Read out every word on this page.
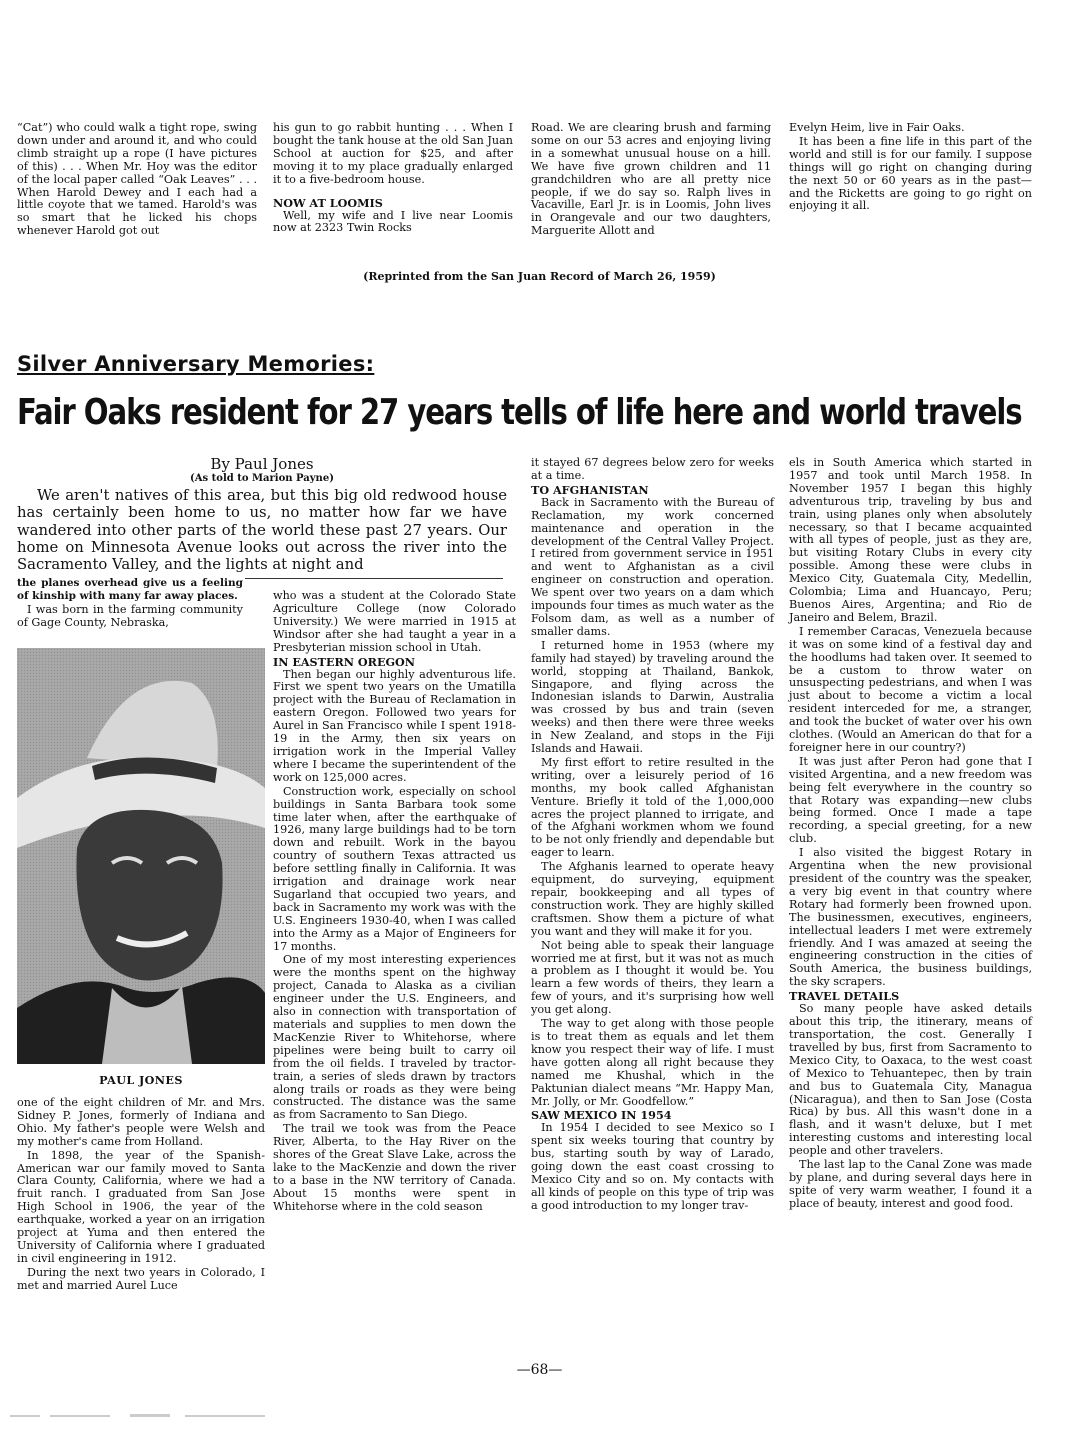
“Cat”) who could walk a tight rope, swing down under and around it, and who could climb straight up a rope (I have pictures of this) . . . When Mr. Hoy was the editor of the local paper called “Oak Leaves” . . . When Harold Dewey and I each had a little coyote that we tamed. Harold's was so smart that he licked his chops whenever Harold got out

his gun to go rabbit hunting . . . When I bought the tank house at the old San Juan School at auction for $25, and after moving it to my place gradually enlarged it to a five-bedroom house.

NOW AT LOOMIS

Well, my wife and I live near Loomis now at 2323 Twin Rocks

Road. We are clearing brush and farming some on our 53 acres and enjoying living in a somewhat unusual house on a hill. We have five grown children and 11 grandchildren who are all pretty nice people, if we do say so. Ralph lives in Vacaville, Earl Jr. is in Loomis, John lives in Orangevale and our two daughters, Marguerite Allott and

Evelyn Heim, live in Fair Oaks.

It has been a fine life in this part of the world and still is for our family. I suppose things will go right on changing during the next 50 or 60 years as in the past—and the Ricketts are going to go right on enjoying it all.

(Reprinted from the San Juan Record of March 26, 1959)
Silver Anniversary Memories:
Fair Oaks resident for 27 years tells of life here and world travels
By Paul Jones
(As told to Marion Payne)

We aren't natives of this area, but this big old redwood house has certainly been home to us, no matter how far we have wandered into other parts of the world these past 27 years. Our home on Minnesota Avenue looks out across the river into the Sacramento Valley, and the lights at night and

the planes overhead give us a feeling of kinship with many far away places.

I was born in the farming community of Gage County, Nebraska,

PAUL JONES

one of the eight children of Mr. and Mrs. Sidney P. Jones, formerly of Indiana and Ohio. My father's people were Welsh and my mother's came from Holland.

In 1898, the year of the Spanish-American war our family moved to Santa Clara County, California, where we had a fruit ranch. I graduated from San Jose High School in 1906, the year of the earthquake, worked a year on an irrigation project at Yuma and then entered the University of California where I graduated in civil engineering in 1912.

During the next two years in Colorado, I met and married Aurel Luce

who was a student at the Colorado State Agriculture College (now Colorado University.) We were married in 1915 at Windsor after she had taught a year in a Presbyterian mission school in Utah.

IN EASTERN OREGON

Then began our highly adventurous life. First we spent two years on the Umatilla project with the Bureau of Reclamation in eastern Oregon. Followed two years for Aurel in San Francisco while I spent 1918-19 in the Army, then six years on irrigation work in the Imperial Valley where I became the superintendent of the work on 125,000 acres.

Construction work, especially on school buildings in Santa Barbara took some time later when, after the earthquake of 1926, many large buildings had to be torn down and rebuilt. Work in the bayou country of southern Texas attracted us before settling finally in California. It was irrigation and drainage work near Sugarland that occupied two years, and back in Sacramento my work was with the U.S. Engineers 1930-40, when I was called into the Army as a Major of Engineers for 17 months.

One of my most interesting experiences were the months spent on the highway project, Canada to Alaska as a civilian engineer under the U.S. Engineers, and also in connection with transportation of materials and supplies to men down the MacKenzie River to Whitehorse, where pipelines were being built to carry oil from the oil fields. I traveled by tractor-train, a series of sleds drawn by tractors along trails or roads as they were being constructed. The distance was the same as from Sacramento to San Diego.

The trail we took was from the Peace River, Alberta, to the Hay River on the shores of the Great Slave Lake, across the lake to the MacKenzie and down the river to a base in the NW territory of Canada. About 15 months were spent in Whitehorse where in the cold season

it stayed 67 degrees below zero for weeks at a time.

TO AFGHANISTAN

Back in Sacramento with the Bureau of Reclamation, my work concerned maintenance and operation in the development of the Central Valley Project. I retired from government service in 1951 and went to Afghanistan as a civil engineer on construction and operation. We spent over two years on a dam which impounds four times as much water as the Folsom dam, as well as a number of smaller dams.

I returned home in 1953 (where my family had stayed) by traveling around the world, stopping at Thailand, Bankok, Singapore, and flying across the Indonesian islands to Darwin, Australia was crossed by bus and train (seven weeks) and then there were three weeks in New Zealand, and stops in the Fiji Islands and Hawaii.

My first effort to retire resulted in the writing, over a leisurely period of 16 months, my book called Afghanistan Venture. Briefly it told of the 1,000,000 acres the project planned to irrigate, and of the Afghani workmen whom we found to be not only friendly and dependable but eager to learn.

The Afghanis learned to operate heavy equipment, do surveying, equipment repair, bookkeeping and all types of construction work. They are highly skilled craftsmen. Show them a picture of what you want and they will make it for you.

Not being able to speak their language worried me at first, but it was not as much a problem as I thought it would be. You learn a few words of theirs, they learn a few of yours, and it's surprising how well you get along.

The way to get along with those people is to treat them as equals and let them know you respect their way of life. I must have gotten along all right because they named me Khushal, which in the Paktunian dialect means “Mr. Happy Man, Mr. Jolly, or Mr. Goodfellow.”

SAW MEXICO IN 1954

In 1954 I decided to see Mexico so I spent six weeks touring that country by bus, starting south by way of Larado, going down the east coast crossing to Mexico City and so on. My contacts with all kinds of people on this type of trip was a good introduction to my longer trav-

els in South America which started in 1957 and took until March 1958. In November 1957 I began this highly adventurous trip, traveling by bus and train, using planes only when absolutely necessary, so that I became acquainted with all types of people, just as they are, but visiting Rotary Clubs in every city possible. Among these were clubs in Mexico City, Guatemala City, Medellin, Colombia; Lima and Huancayo, Peru; Buenos Aires, Argentina; and Rio de Janeiro and Belem, Brazil.

I remember Caracas, Venezuela because it was on some kind of a festival day and the hoodlums had taken over. It seemed to be a custom to throw water on unsuspecting pedestrians, and when I was just about to become a victim a local resident interceded for me, a stranger, and took the bucket of water over his own clothes. (Would an American do that for a foreigner here in our country?)

It was just after Peron had gone that I visited Argentina, and a new freedom was being felt everywhere in the country so that Rotary was expanding—new clubs being formed. Once I made a tape recording, a special greeting, for a new club.

I also visited the biggest Rotary in Argentina when the new provisional president of the country was the speaker, a very big event in that country where Rotary had formerly been frowned upon. The businessmen, executives, engineers, intellectual leaders I met were extremely friendly. And I was amazed at seeing the engineering construction in the cities of South America, the business buildings, the sky scrapers.

TRAVEL DETAILS

So many people have asked details about this trip, the itinerary, means of transportation, the cost. Generally I travelled by bus, first from Sacramento to Mexico City, to Oaxaca, to the west coast of Mexico to Tehuantepec, then by train and bus to Guatemala City, Managua (Nicaragua), and then to San Jose (Costa Rica) by bus. All this wasn't done in a flash, and it wasn't deluxe, but I met interesting customs and interesting local people and other travelers.

The last lap to the Canal Zone was made by plane, and during several days here in spite of very warm weather, I found it a place of beauty, interest and good food.

—68—
